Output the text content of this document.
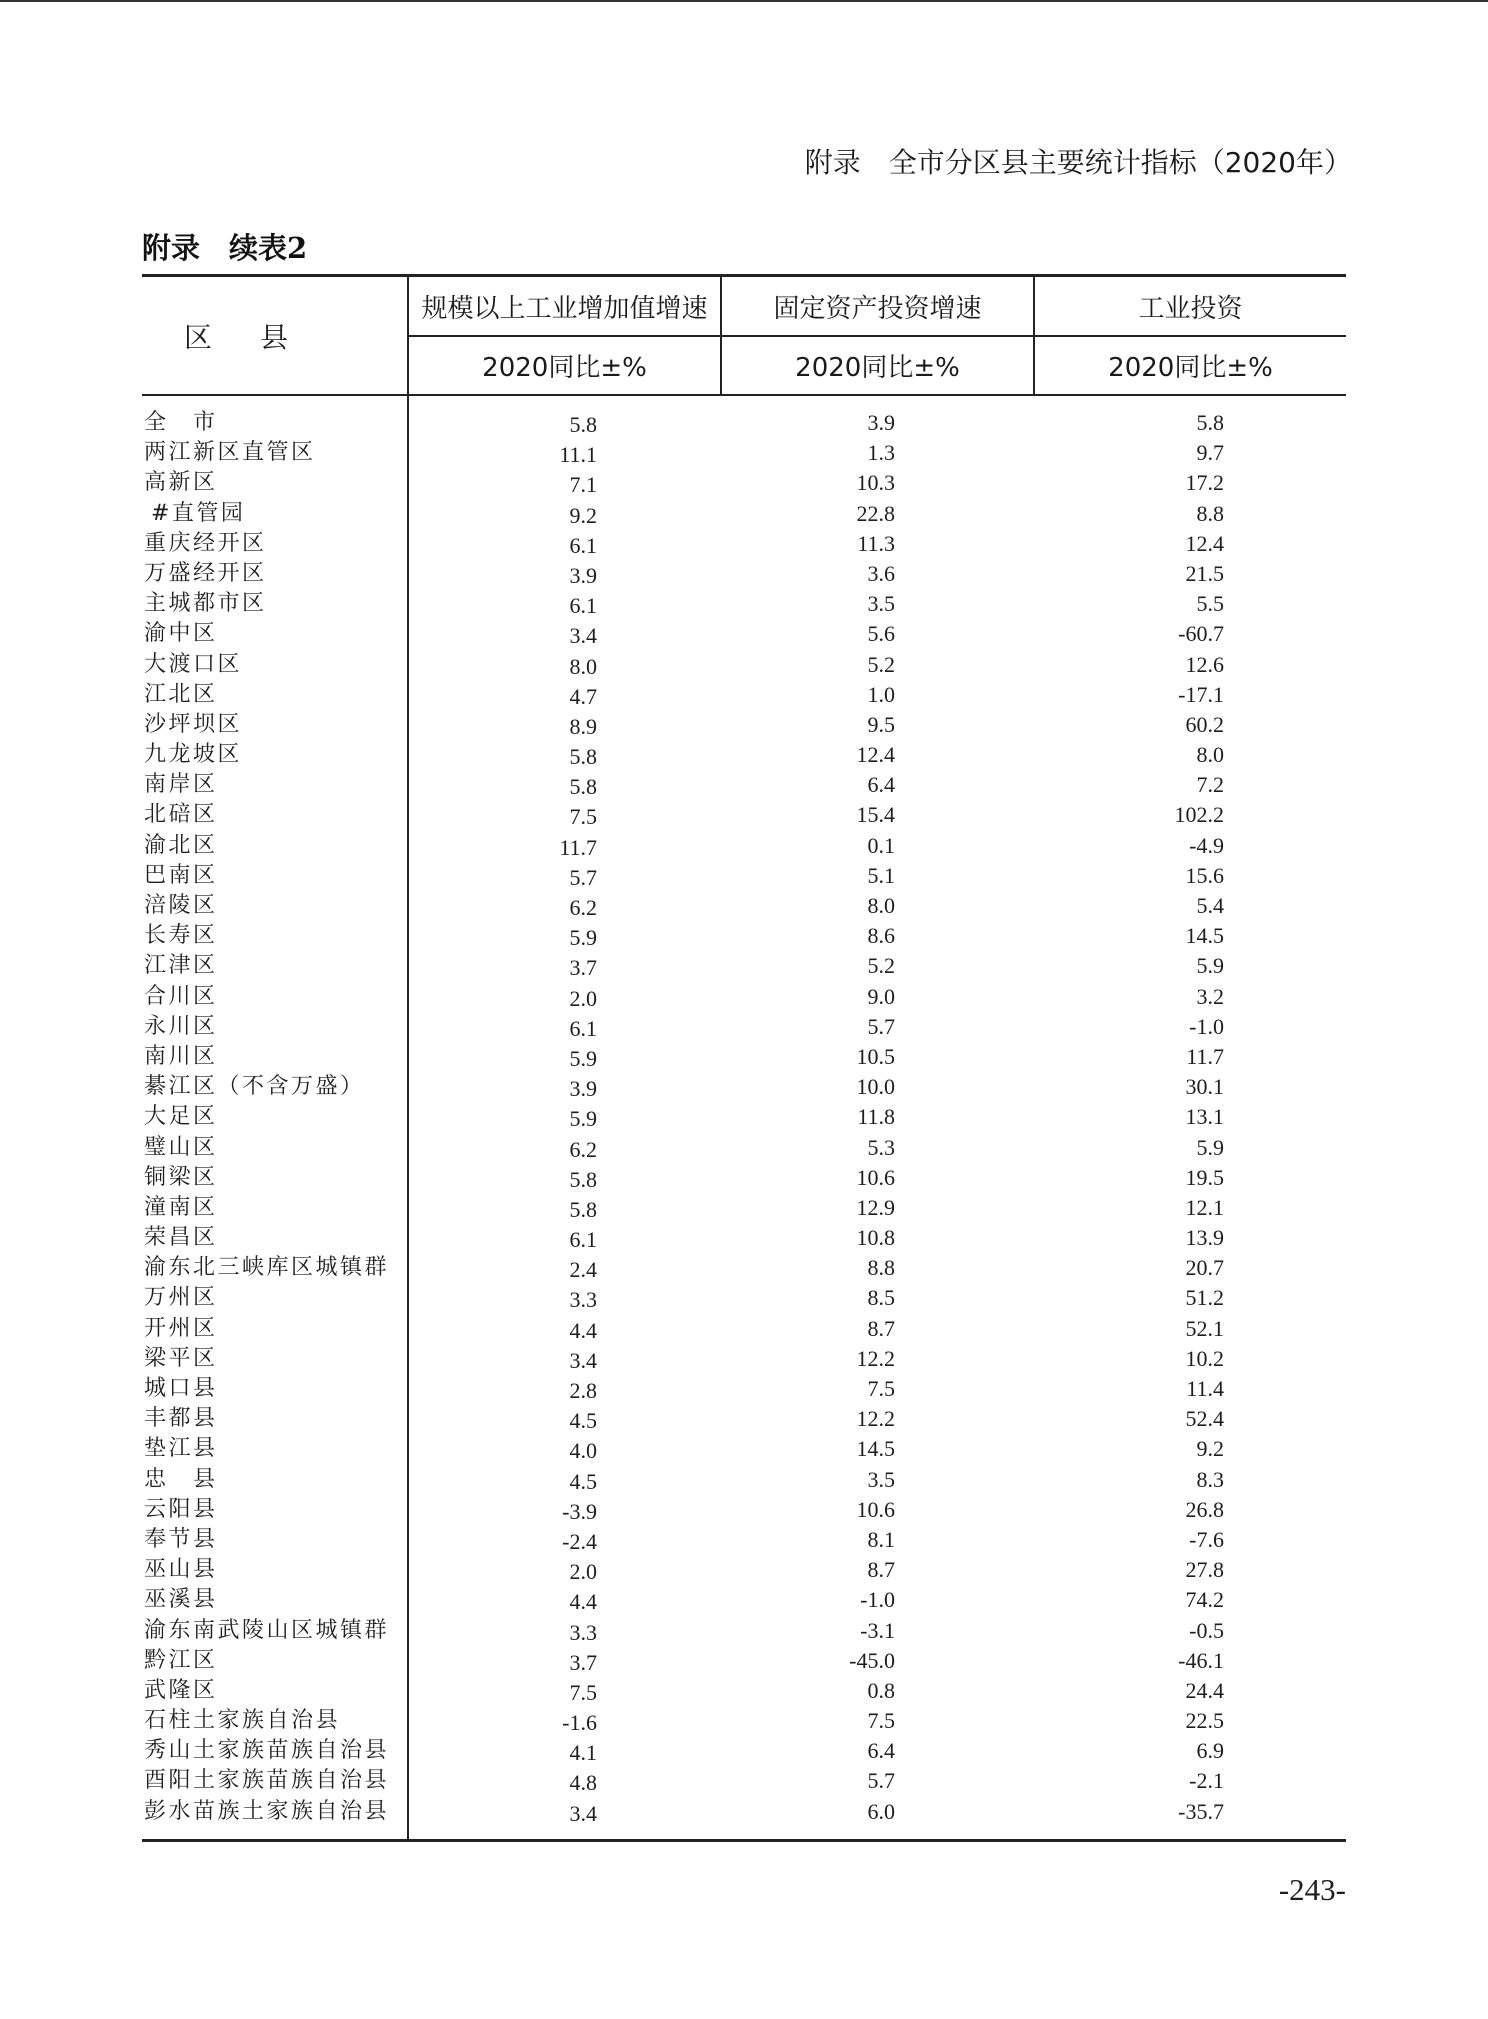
附录　全市分区县主要统计指标（2020年）
附录　续表2
区　县
规模以上工业增加值增速	固定资产投资增速	工业投资
2020同比±%	2020同比±%	2020同比±%
全　市	5.8	3.9	5.8
两江新区直管区	11.1	1.3	9.7
高新区	7.1	10.3	17.2
#直管园	9.2	22.8	8.8
重庆经开区	6.1	11.3	12.4
万盛经开区	3.9	3.6	21.5
主城都市区	6.1	3.5	5.5
渝中区	3.4	5.6	-60.7
大渡口区	8.0	5.2	12.6
江北区	4.7	1.0	-17.1
沙坪坝区	8.9	9.5	60.2
九龙坡区	5.8	12.4	8.0
南岸区	5.8	6.4	7.2
北碚区	7.5	15.4	102.2
渝北区	11.7	0.1	-4.9
巴南区	5.7	5.1	15.6
涪陵区	6.2	8.0	5.4
长寿区	5.9	8.6	14.5
江津区	3.7	5.2	5.9
合川区	2.0	9.0	3.2
永川区	6.1	5.7	-1.0
南川区	5.9	10.5	11.7
綦江区（不含万盛）	3.9	10.0	30.1
大足区	5.9	11.8	13.1
璧山区	6.2	5.3	5.9
铜梁区	5.8	10.6	19.5
潼南区	5.8	12.9	12.1
荣昌区	6.1	10.8	13.9
渝东北三峡库区城镇群	2.4	8.8	20.7
万州区	3.3	8.5	51.2
开州区	4.4	8.7	52.1
梁平区	3.4	12.2	10.2
城口县	2.8	7.5	11.4
丰都县	4.5	12.2	52.4
垫江县	4.0	14.5	9.2
忠　县	4.5	3.5	8.3
云阳县	-3.9	10.6	26.8
奉节县	-2.4	8.1	-7.6
巫山县	2.0	8.7	27.8
巫溪县	4.4	-1.0	74.2
渝东南武陵山区城镇群	3.3	-3.1	-0.5
黔江区	3.7	-45.0	-46.1
武隆区	7.5	0.8	24.4
石柱土家族自治县	-1.6	7.5	22.5
秀山土家族苗族自治县	4.1	6.4	6.9
酉阳土家族苗族自治县	4.8	5.7	-2.1
彭水苗族土家族自治县	3.4	6.0	-35.7
-243-
